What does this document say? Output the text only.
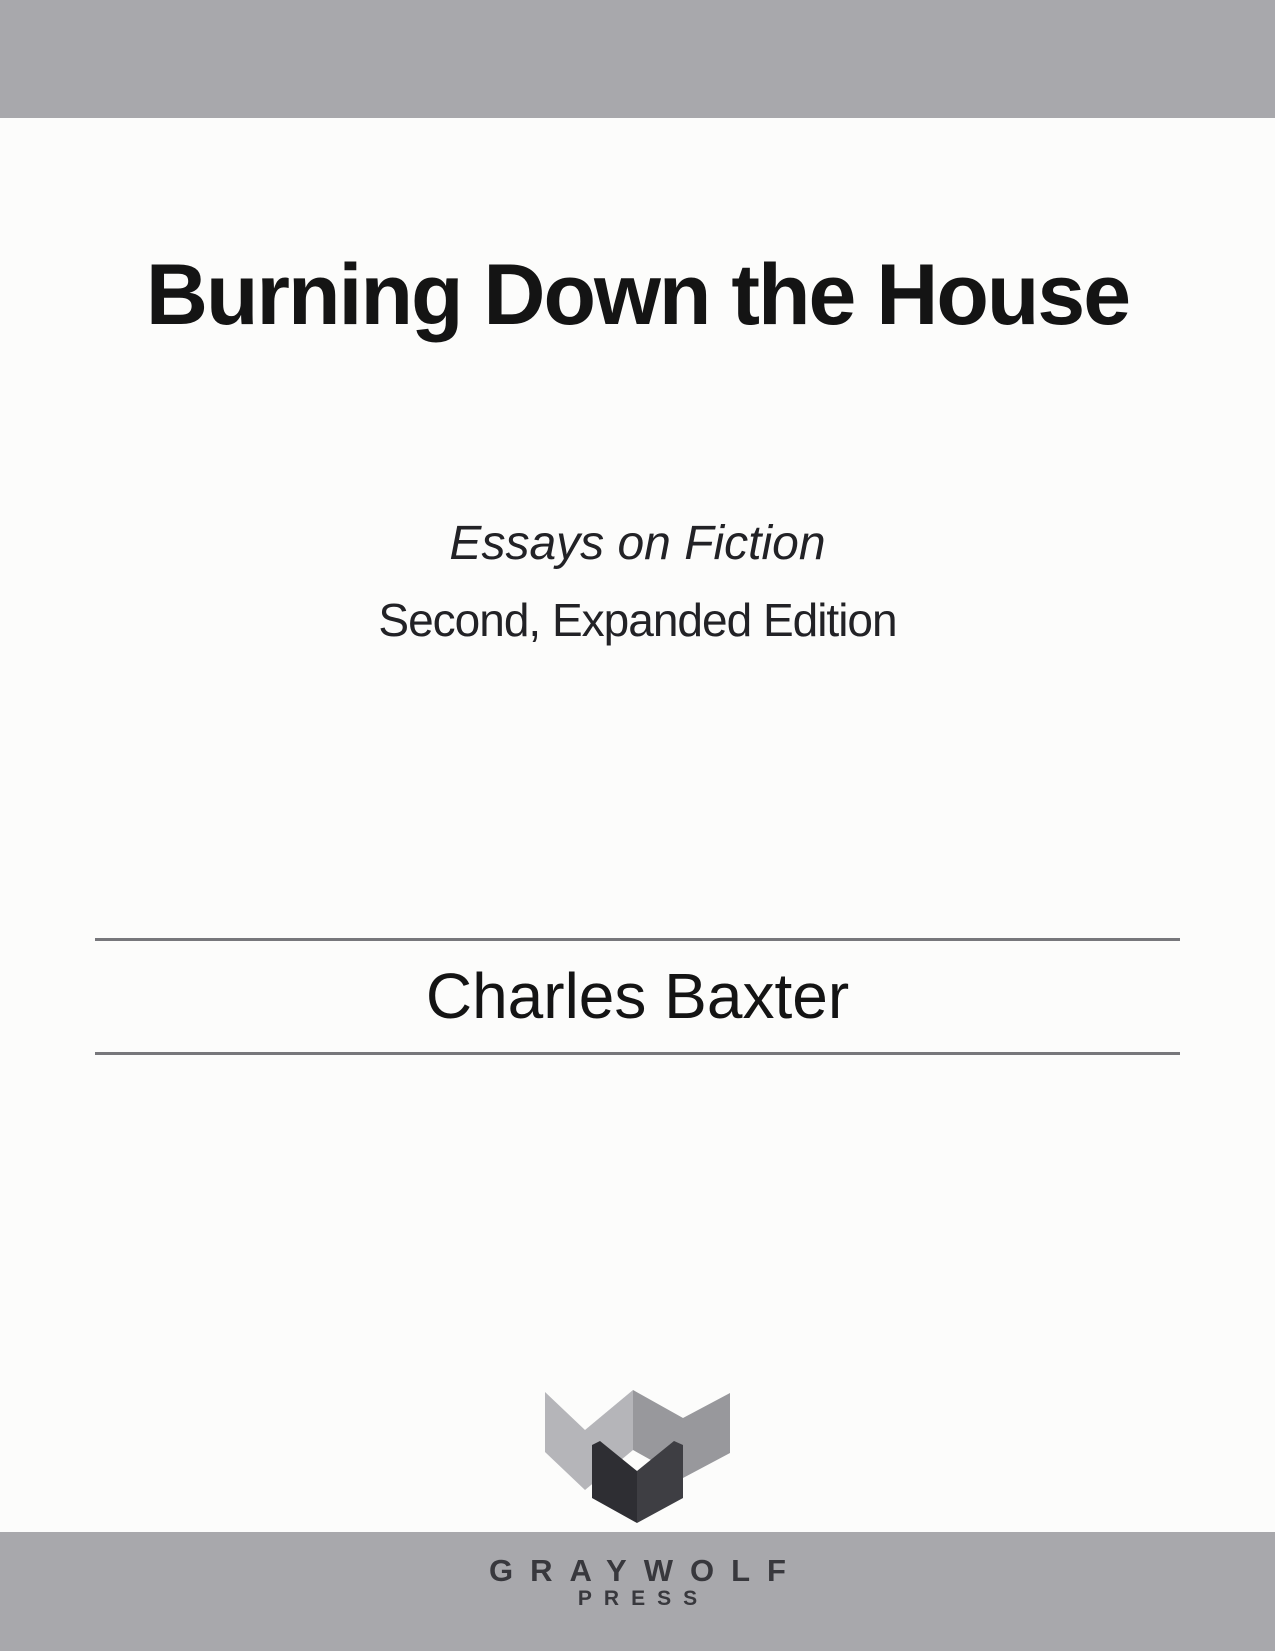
Burning Down the House
Essays on Fiction
Second, Expanded Edition
Charles Baxter
GRAYWOLF
PRESS
